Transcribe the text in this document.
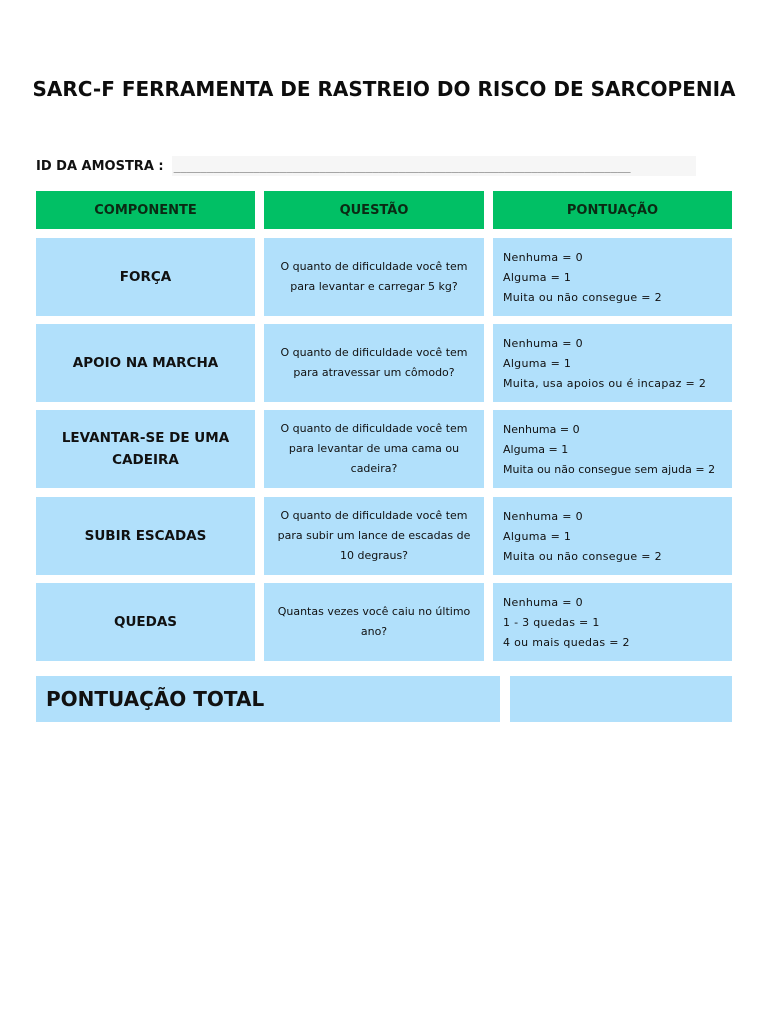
SARC-F FERRAMENTA DE RASTREIO DO RISCO DE SARCOPENIA
ID DA AMOSTRA : _____________________________________________________________________
COMPONENTE	QUESTÃO	PONTUAÇÃO
FORÇA
O quanto de dificuldade você tem para levantar e carregar 5 kg?
Nenhuma = 0
Alguma = 1
Muita ou não consegue = 2
APOIO NA MARCHA
O quanto de dificuldade você tem para atravessar um cômodo?
Nenhuma = 0
Alguma = 1
Muita, usa apoios ou é incapaz = 2
LEVANTAR-SE DE UMA CADEIRA
O quanto de dificuldade você tem para levantar de uma cama ou cadeira?
Nenhuma = 0
Alguma = 1
Muita ou não consegue sem ajuda = 2
SUBIR ESCADAS
O quanto de dificuldade você tem para subir um lance de escadas de 10 degraus?
Nenhuma = 0
Alguma = 1
Muita ou não consegue = 2
QUEDAS
Quantas vezes você caiu no último ano?
Nenhuma = 0
1 - 3 quedas = 1
4 ou mais quedas = 2
PONTUAÇÃO TOTAL
